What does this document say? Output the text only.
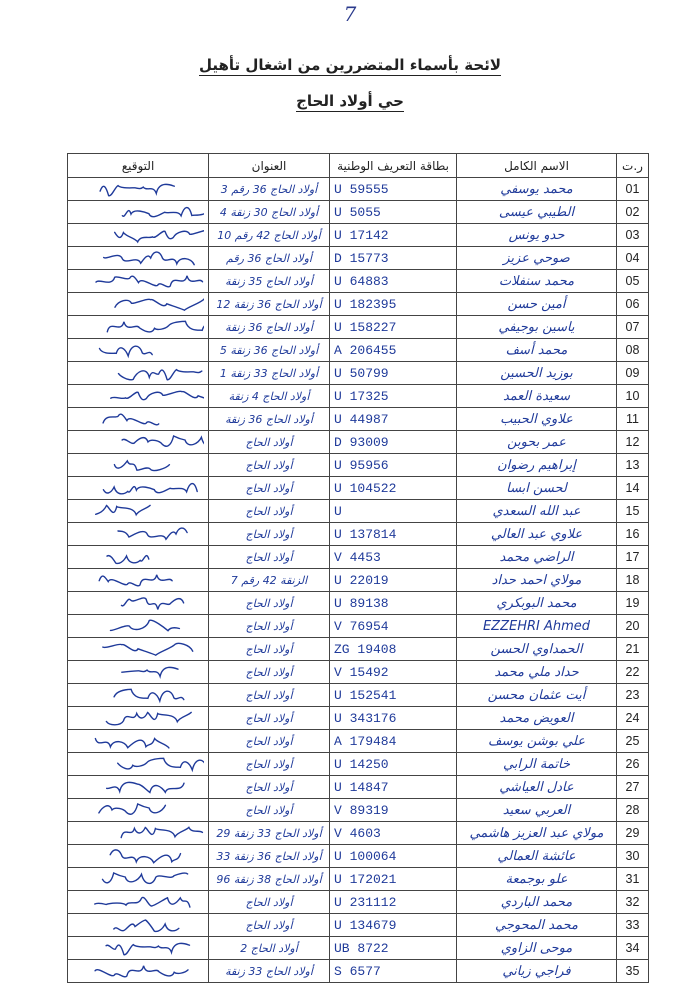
7
لائحة بأسماء المتضررين من اشغال تأهيل
حي أولاد الحاج
ر.ت	الاسم الكامل	بطاقة التعريف الوطنية	العنوان	التوقيع
01	محمد يوسفي	U 59555	أولاد الحاج 36 رقم 3	

02	الطيبي عيسى	U 5055	أولاد الحاج 30 زنقة 4	

03	حدو يونس	U 17142	أولاد الحاج 42 رقم 10	

04	صوحي عزيز	D 15773	أولاد الحاج 36 رقم	

05	محمد سنفلات	U 64883	أولاد الحاج 35 زنقة	

06	أمين حسن	U 182395	أولاد الحاج 36 زنقة 12	

07	ياسين بوجيفي	U 158227	أولاد الحاج 36 زنقة	

08	محمد أسف	A 206455	أولاد الحاج 36 زنقة 5	

09	بوزيد الحسين	U 50799	أولاد الحاج 33 زنقة 1	

10	سعيدة العمد	U 17325	أولاد الحاج 4 زنقة	

11	علاوي الحبيب	U 44987	أولاد الحاج 36 زنقة	

12	عمر بحوبن	D 93009	أولاد الحاج	

13	إبراهيم رضوان	U 95956	أولاد الحاج	

14	لحسن ابسا	U 104522	أولاد الحاج	

15	عبد الله السعدي	U	أولاد الحاج	

16	علاوي عبد العالي	U 137814	أولاد الحاج	

17	الراضي محمد	V 4453	أولاد الحاج	

18	مولاي احمد حداد	U 22019	الزنقة 42 رقم 7	

19	محمد البوبكري	U 89138	أولاد الحاج	

20	EZZEHRI Ahmed	V 76954	أولاد الحاج	

21	الحمداوي الحسن	ZG 19408	أولاد الحاج	

22	حداد ملي محمد	V 15492	أولاد الحاج	

23	أيت عثمان محسن	U 152541	أولاد الحاج	

24	العويض محمد	U 343176	أولاد الحاج	

25	علي بوشن يوسف	A 179484	أولاد الحاج	

26	خاتمة الرابي	U 14250	أولاد الحاج	

27	عادل العياشي	U 14847	أولاد الحاج	

28	العربي سعيد	V 89319	أولاد الحاج	

29	مولاي عبد العزيز هاشمي	V 4603	أولاد الحاج 33 زنقة 29	

30	عائشة العمالي	U 100064	أولاد الحاج 36 زنقة 33	

31	علو بوجمعة	U 172021	أولاد الحاج 38 زنقة 96	

32	محمد الباردي	U 231112	أولاد الحاج	

33	محمد المحوجي	U 134679	أولاد الحاج	

34	موحى الزاوي	UB 8722	أولاد الحاج 2	

35	فراجي زياني	S 6577	أولاد الحاج 33 زنقة	
